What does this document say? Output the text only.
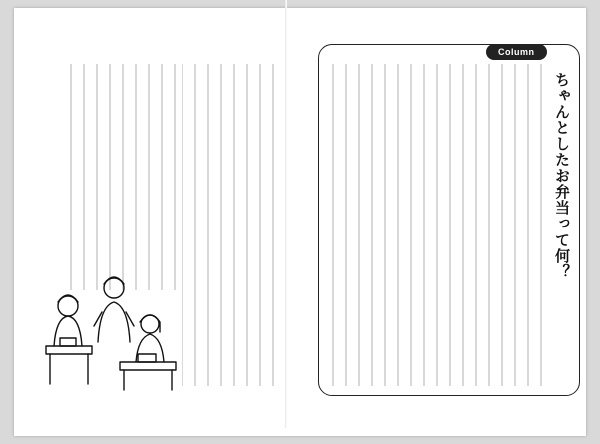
Column
ちゃんとしたお弁当って何？
